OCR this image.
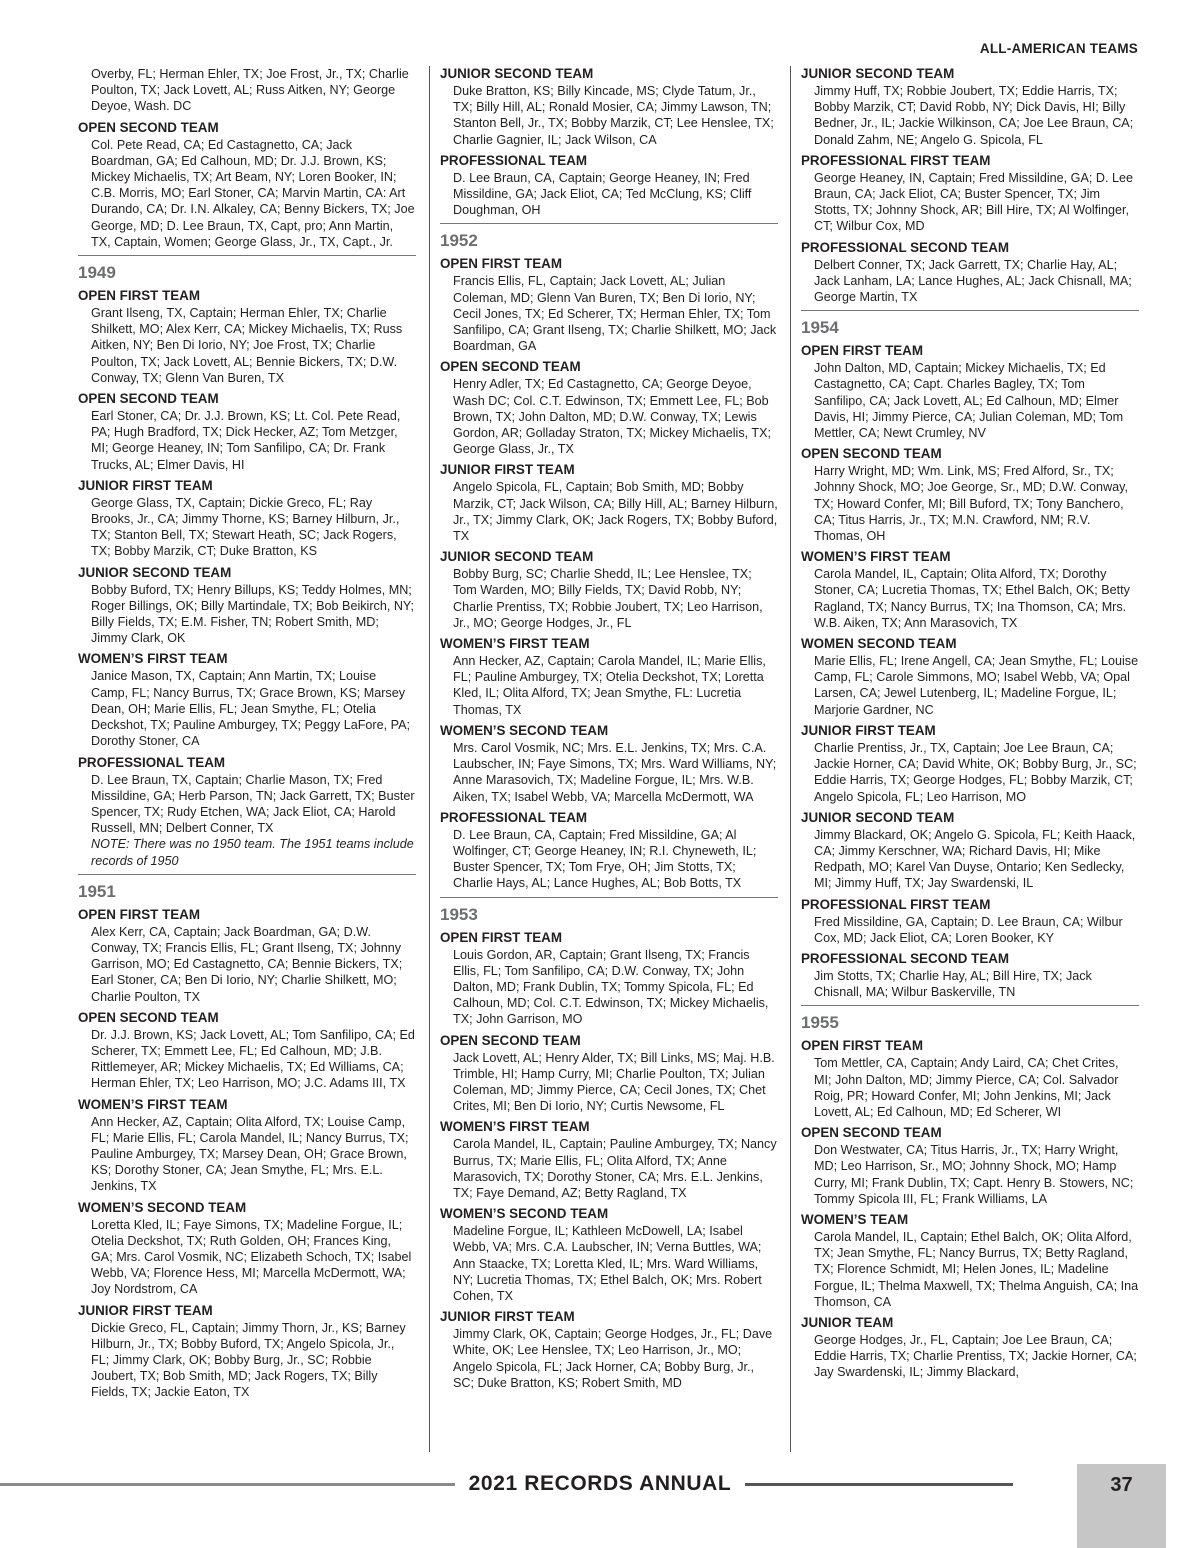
ALL-AMERICAN TEAMS
Overby, FL; Herman Ehler, TX; Joe Frost, Jr., TX; Charlie Poulton, TX; Jack Lovett, AL; Russ Aitken, NY; George Deyoe, Wash. DC
OPEN SECOND TEAM
Col. Pete Read, CA; Ed Castagnetto, CA; Jack Boardman, GA; Ed Calhoun, MD; Dr. J.J. Brown, KS; Mickey Michaelis, TX; Art Beam, NY; Loren Booker, IN; C.B. Morris, MO; Earl Stoner, CA; Marvin Martin, CA: Art Durando, CA; Dr. I.N. Alkaley, CA; Benny Bickers, TX; Joe George, MD; D. Lee Braun, TX, Capt, pro; Ann Martin, TX, Captain, Women; George Glass, Jr., TX, Capt., Jr.
1949
OPEN FIRST TEAM
Grant Ilseng, TX, Captain; Herman Ehler, TX; Charlie Shilkett, MO; Alex Kerr, CA; Mickey Michaelis, TX; Russ Aitken, NY; Ben Di Iorio, NY; Joe Frost, TX; Charlie Poulton, TX; Jack Lovett, AL; Bennie Bickers, TX; D.W. Conway, TX; Glenn Van Buren, TX
OPEN SECOND TEAM
Earl Stoner, CA; Dr. J.J. Brown, KS; Lt. Col. Pete Read, PA; Hugh Bradford, TX; Dick Hecker, AZ; Tom Metzger, MI; George Heaney, IN; Tom Sanfilipo, CA; Dr. Frank Trucks, AL; Elmer Davis, HI
JUNIOR FIRST TEAM
George Glass, TX, Captain; Dickie Greco, FL; Ray Brooks, Jr., CA; Jimmy Thorne, KS; Barney Hilburn, Jr., TX; Stanton Bell, TX; Stewart Heath, SC; Jack Rogers, TX; Bobby Marzik, CT; Duke Bratton, KS
JUNIOR SECOND TEAM
Bobby Buford, TX; Henry Billups, KS; Teddy Holmes, MN; Roger Billings, OK; Billy Martindale, TX; Bob Beikirch, NY; Billy Fields, TX; E.M. Fisher, TN; Robert Smith, MD; Jimmy Clark, OK
WOMEN’S FIRST TEAM
Janice Mason, TX, Captain; Ann Martin, TX; Louise Camp, FL; Nancy Burrus, TX; Grace Brown, KS; Marsey Dean, OH; Marie Ellis, FL; Jean Smythe, FL; Otelia Deckshot, TX; Pauline Amburgey, TX; Peggy LaFore, PA; Dorothy Stoner, CA
PROFESSIONAL TEAM
D. Lee Braun, TX, Captain; Charlie Mason, TX; Fred Missildine, GA; Herb Parson, TN; Jack Garrett, TX; Buster Spencer, TX; Rudy Etchen, WA; Jack Eliot, CA; Harold Russell, MN; Delbert Conner, TX
NOTE: There was no 1950 team. The 1951 teams include records of 1950
1951
OPEN FIRST TEAM
Alex Kerr, CA, Captain; Jack Boardman, GA; D.W. Conway, TX; Francis Ellis, FL; Grant Ilseng, TX; Johnny Garrison, MO; Ed Castagnetto, CA; Bennie Bickers, TX; Earl Stoner, CA; Ben Di Iorio, NY; Charlie Shilkett, MO; Charlie Poulton, TX
OPEN SECOND TEAM
Dr. J.J. Brown, KS; Jack Lovett, AL; Tom Sanfilipo, CA; Ed Scherer, TX; Emmett Lee, FL; Ed Calhoun, MD; J.B. Rittlemeyer, AR; Mickey Michaelis, TX; Ed Williams, CA; Herman Ehler, TX; Leo Harrison, MO; J.C. Adams III, TX
WOMEN’S FIRST TEAM
Ann Hecker, AZ, Captain; Olita Alford, TX; Louise Camp, FL; Marie Ellis, FL; Carola Mandel, IL; Nancy Burrus, TX; Pauline Amburgey, TX; Marsey Dean, OH; Grace Brown, KS; Dorothy Stoner, CA; Jean Smythe, FL; Mrs. E.L. Jenkins, TX
WOMEN’S SECOND TEAM
Loretta Kled, IL; Faye Simons, TX; Madeline Forgue, IL; Otelia Deckshot, TX; Ruth Golden, OH; Frances King, GA; Mrs. Carol Vosmik, NC; Elizabeth Schoch, TX; Isabel Webb, VA; Florence Hess, MI; Marcella McDermott, WA; Joy Nordstrom, CA
JUNIOR FIRST TEAM
Dickie Greco, FL, Captain; Jimmy Thorn, Jr., KS; Barney Hilburn, Jr., TX; Bobby Buford, TX; Angelo Spicola, Jr., FL; Jimmy Clark, OK; Bobby Burg, Jr., SC; Robbie Joubert, TX; Bob Smith, MD; Jack Rogers, TX; Billy Fields, TX; Jackie Eaton, TX
JUNIOR SECOND TEAM
Duke Bratton, KS; Billy Kincade, MS; Clyde Tatum, Jr., TX; Billy Hill, AL; Ronald Mosier, CA; Jimmy Lawson, TN; Stanton Bell, Jr., TX; Bobby Marzik, CT; Lee Henslee, TX; Charlie Gagnier, IL; Jack Wilson, CA
PROFESSIONAL TEAM
D. Lee Braun, CA, Captain; George Heaney, IN; Fred Missildine, GA; Jack Eliot, CA; Ted McClung, KS; Cliff Doughman, OH
1952
OPEN FIRST TEAM
Francis Ellis, FL, Captain; Jack Lovett, AL; Julian Coleman, MD; Glenn Van Buren, TX; Ben Di Iorio, NY; Cecil Jones, TX; Ed Scherer, TX; Herman Ehler, TX; Tom Sanfilipo, CA; Grant Ilseng, TX; Charlie Shilkett, MO; Jack Boardman, GA
OPEN SECOND TEAM
Henry Adler, TX; Ed Castagnetto, CA; George Deyoe, Wash DC; Col. C.T. Edwinson, TX; Emmett Lee, FL; Bob Brown, TX; John Dalton, MD; D.W. Conway, TX; Lewis Gordon, AR; Golladay Straton, TX; Mickey Michaelis, TX; George Glass, Jr., TX
JUNIOR FIRST TEAM
Angelo Spicola, FL, Captain; Bob Smith, MD; Bobby Marzik, CT; Jack Wilson, CA; Billy Hill, AL; Barney Hilburn, Jr., TX; Jimmy Clark, OK; Jack Rogers, TX; Bobby Buford, TX
JUNIOR SECOND TEAM
Bobby Burg, SC; Charlie Shedd, IL; Lee Henslee, TX; Tom Warden, MO; Billy Fields, TX; David Robb, NY; Charlie Prentiss, TX; Robbie Joubert, TX; Leo Harrison, Jr., MO; George Hodges, Jr., FL
WOMEN’S FIRST TEAM
Ann Hecker, AZ, Captain; Carola Mandel, IL; Marie Ellis, FL; Pauline Amburgey, TX; Otelia Deckshot, TX; Loretta Kled, IL; Olita Alford, TX; Jean Smythe, FL: Lucretia Thomas, TX
WOMEN’S SECOND TEAM
Mrs. Carol Vosmik, NC; Mrs. E.L. Jenkins, TX; Mrs. C.A. Laubscher, IN; Faye Simons, TX; Mrs. Ward Williams, NY; Anne Marasovich, TX; Madeline Forgue, IL; Mrs. W.B. Aiken, TX; Isabel Webb, VA; Marcella McDermott, WA
PROFESSIONAL TEAM
D. Lee Braun, CA, Captain; Fred Missildine, GA; Al Wolfinger, CT; George Heaney, IN; R.I. Chyneweth, IL; Buster Spencer, TX; Tom Frye, OH; Jim Stotts, TX; Charlie Hays, AL; Lance Hughes, AL; Bob Botts, TX
1953
OPEN FIRST TEAM
Louis Gordon, AR, Captain; Grant Ilseng, TX; Francis Ellis, FL; Tom Sanfilipo, CA; D.W. Conway, TX; John Dalton, MD; Frank Dublin, TX; Tommy Spicola, FL; Ed Calhoun, MD; Col. C.T. Edwinson, TX; Mickey Michaelis, TX; John Garrison, MO
OPEN SECOND TEAM
Jack Lovett, AL; Henry Alder, TX; Bill Links, MS; Maj. H.B. Trimble, HI; Hamp Curry, MI; Charlie Poulton, TX; Julian Coleman, MD; Jimmy Pierce, CA; Cecil Jones, TX; Chet Crites, MI; Ben Di Iorio, NY; Curtis Newsome, FL
WOMEN’S FIRST TEAM
Carola Mandel, IL, Captain; Pauline Amburgey, TX; Nancy Burrus, TX; Marie Ellis, FL; Olita Alford, TX; Anne Marasovich, TX; Dorothy Stoner, CA; Mrs. E.L. Jenkins, TX; Faye Demand, AZ; Betty Ragland, TX
WOMEN’S SECOND TEAM
Madeline Forgue, IL; Kathleen McDowell, LA; Isabel Webb, VA; Mrs. C.A. Laubscher, IN; Verna Buttles, WA; Ann Staacke, TX; Loretta Kled, IL; Mrs. Ward Williams, NY; Lucretia Thomas, TX; Ethel Balch, OK; Mrs. Robert Cohen, TX
JUNIOR FIRST TEAM
Jimmy Clark, OK, Captain; George Hodges, Jr., FL; Dave White, OK; Lee Henslee, TX; Leo Harrison, Jr., MO; Angelo Spicola, FL; Jack Horner, CA; Bobby Burg, Jr., SC; Duke Bratton, KS; Robert Smith, MD
JUNIOR SECOND TEAM
Jimmy Huff, TX; Robbie Joubert, TX; Eddie Harris, TX; Bobby Marzik, CT; David Robb, NY; Dick Davis, HI; Billy Bedner, Jr., IL; Jackie Wilkinson, CA; Joe Lee Braun, CA; Donald Zahm, NE; Angelo G. Spicola, FL
PROFESSIONAL FIRST TEAM
George Heaney, IN, Captain; Fred Missildine, GA; D. Lee Braun, CA; Jack Eliot, CA; Buster Spencer, TX; Jim Stotts, TX; Johnny Shock, AR; Bill Hire, TX; Al Wolfinger, CT; Wilbur Cox, MD
PROFESSIONAL SECOND TEAM
Delbert Conner, TX; Jack Garrett, TX; Charlie Hay, AL; Jack Lanham, LA; Lance Hughes, AL; Jack Chisnall, MA; George Martin, TX
1954
OPEN FIRST TEAM
John Dalton, MD, Captain; Mickey Michaelis, TX; Ed Castagnetto, CA; Capt. Charles Bagley, TX; Tom Sanfilipo, CA; Jack Lovett, AL; Ed Calhoun, MD; Elmer Davis, HI; Jimmy Pierce, CA; Julian Coleman, MD; Tom Mettler, CA; Newt Crumley, NV
OPEN SECOND TEAM
Harry Wright, MD; Wm. Link, MS; Fred Alford, Sr., TX; Johnny Shock, MO; Joe George, Sr., MD; D.W. Conway, TX; Howard Confer, MI; Bill Buford, TX; Tony Banchero, CA; Titus Harris, Jr., TX; M.N. Crawford, NM; R.V. Thomas, OH
WOMEN’S FIRST TEAM
Carola Mandel, IL, Captain; Olita Alford, TX; Dorothy Stoner, CA; Lucretia Thomas, TX; Ethel Balch, OK; Betty Ragland, TX; Nancy Burrus, TX; Ina Thomson, CA; Mrs. W.B. Aiken, TX; Ann Marasovich, TX
WOMEN SECOND TEAM
Marie Ellis, FL; Irene Angell, CA; Jean Smythe, FL; Louise Camp, FL; Carole Simmons, MO; Isabel Webb, VA; Opal Larsen, CA; Jewel Lutenberg, IL; Madeline Forgue, IL; Marjorie Gardner, NC
JUNIOR FIRST TEAM
Charlie Prentiss, Jr., TX, Captain; Joe Lee Braun, CA; Jackie Horner, CA; David White, OK; Bobby Burg, Jr., SC; Eddie Harris, TX; George Hodges, FL; Bobby Marzik, CT; Angelo Spicola, FL; Leo Harrison, MO
JUNIOR SECOND TEAM
Jimmy Blackard, OK; Angelo G. Spicola, FL; Keith Haack, CA; Jimmy Kerschner, WA; Richard Davis, HI; Mike Redpath, MO; Karel Van Duyse, Ontario; Ken Sedlecky, MI; Jimmy Huff, TX; Jay Swardenski, IL
PROFESSIONAL FIRST TEAM
Fred Missildine, GA, Captain; D. Lee Braun, CA; Wilbur Cox, MD; Jack Eliot, CA; Loren Booker, KY
PROFESSIONAL SECOND TEAM
Jim Stotts, TX; Charlie Hay, AL; Bill Hire, TX; Jack Chisnall, MA; Wilbur Baskerville, TN
1955
OPEN FIRST TEAM
Tom Mettler, CA, Captain; Andy Laird, CA; Chet Crites, MI; John Dalton, MD; Jimmy Pierce, CA; Col. Salvador Roig, PR; Howard Confer, MI; John Jenkins, MI; Jack Lovett, AL; Ed Calhoun, MD; Ed Scherer, WI
OPEN SECOND TEAM
Don Westwater, CA; Titus Harris, Jr., TX; Harry Wright, MD; Leo Harrison, Sr., MO; Johnny Shock, MO; Hamp Curry, MI; Frank Dublin, TX; Capt. Henry B. Stowers, NC; Tommy Spicola III, FL; Frank Williams, LA
WOMEN’S TEAM
Carola Mandel, IL, Captain; Ethel Balch, OK; Olita Alford, TX; Jean Smythe, FL; Nancy Burrus, TX; Betty Ragland, TX; Florence Schmidt, MI; Helen Jones, IL; Madeline Forgue, IL; Thelma Maxwell, TX; Thelma Anguish, CA; Ina Thomson, CA
JUNIOR TEAM
George Hodges, Jr., FL, Captain; Joe Lee Braun, CA; Eddie Harris, TX; Charlie Prentiss, TX; Jackie Horner, CA; Jay Swardenski, IL; Jimmy Blackard,
2021 RECORDS ANNUAL	37
